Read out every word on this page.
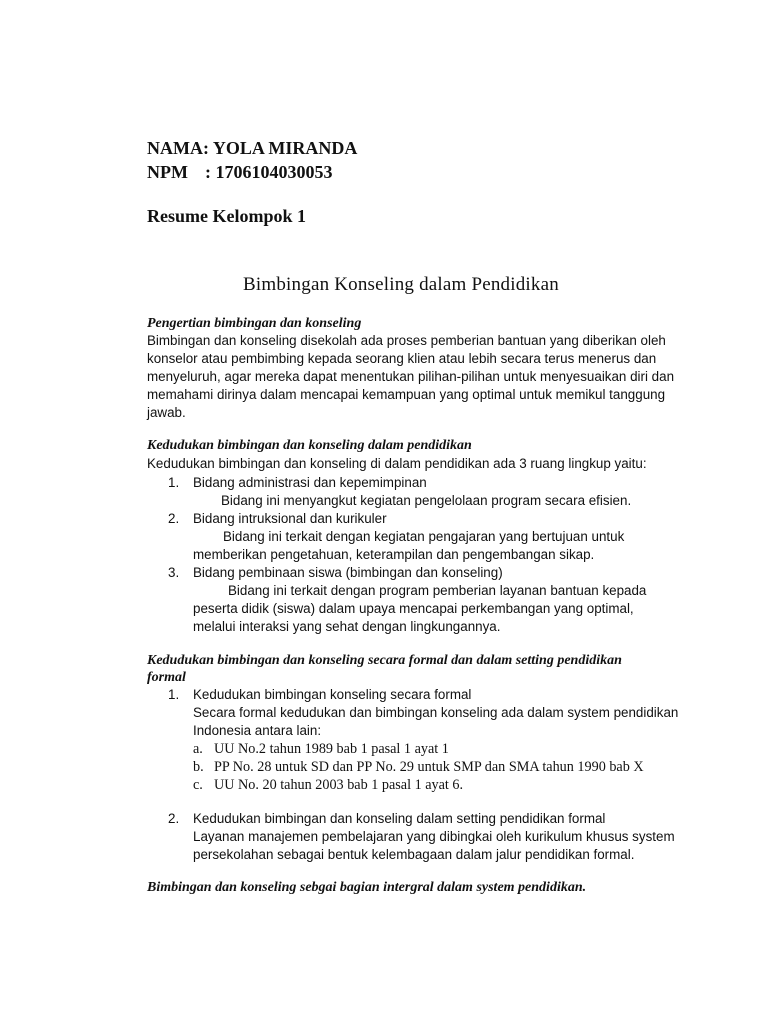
NAMA: YOLA MIRANDA
NPM : 1706104030053
Resume Kelompok 1
Bimbingan Konseling dalam Pendidikan
Pengertian bimbingan dan konseling
Bimbingan dan konseling disekolah ada proses pemberian bantuan yang diberikan oleh
konselor atau pembimbing kepada seorang klien atau lebih secara terus menerus dan
menyeluruh, agar mereka dapat menentukan pilihan-pilihan untuk menyesuaikan diri dan
memahami dirinya dalam mencapai kemampuan yang optimal untuk memikul tanggung
jawab.
Kedudukan bimbingan dan konseling dalam pendidikan
Kedudukan bimbingan dan konseling di dalam pendidikan ada 3 ruang lingkup yaitu:
1.	Bidang administrasi dan kepemimpinan
Bidang ini menyangkut kegiatan pengelolaan program secara efisien.
2.	Bidang intruksional dan kurikuler
Bidang ini terkait dengan kegiatan pengajaran yang bertujuan untuk
memberikan pengetahuan, keterampilan dan pengembangan sikap.
3.	Bidang pembinaan siswa (bimbingan dan konseling)
Bidang ini terkait dengan program pemberian layanan bantuan kepada
peserta didik (siswa) dalam upaya mencapai perkembangan yang optimal,
melalui interaksi yang sehat dengan lingkungannya.
Kedudukan bimbingan dan konseling secara formal dan dalam setting pendidikan
formal
1.	Kedudukan bimbingan konseling secara formal
Secara formal kedudukan dan bimbingan konseling ada dalam system pendidikan
Indonesia antara lain:
a. UU No.2 tahun 1989 bab 1 pasal 1 ayat 1
b. PP No. 28 untuk SD dan PP No. 29 untuk SMP dan SMA tahun 1990 bab X
c. UU No. 20 tahun 2003 bab 1 pasal 1 ayat 6.
2.	Kedudukan bimbingan dan konseling dalam setting pendidikan formal
Layanan manajemen pembelajaran yang dibingkai oleh kurikulum khusus system
persekolahan sebagai bentuk kelembagaan dalam jalur pendidikan formal.
Bimbingan dan konseling sebgai bagian intergral dalam system pendidikan.
